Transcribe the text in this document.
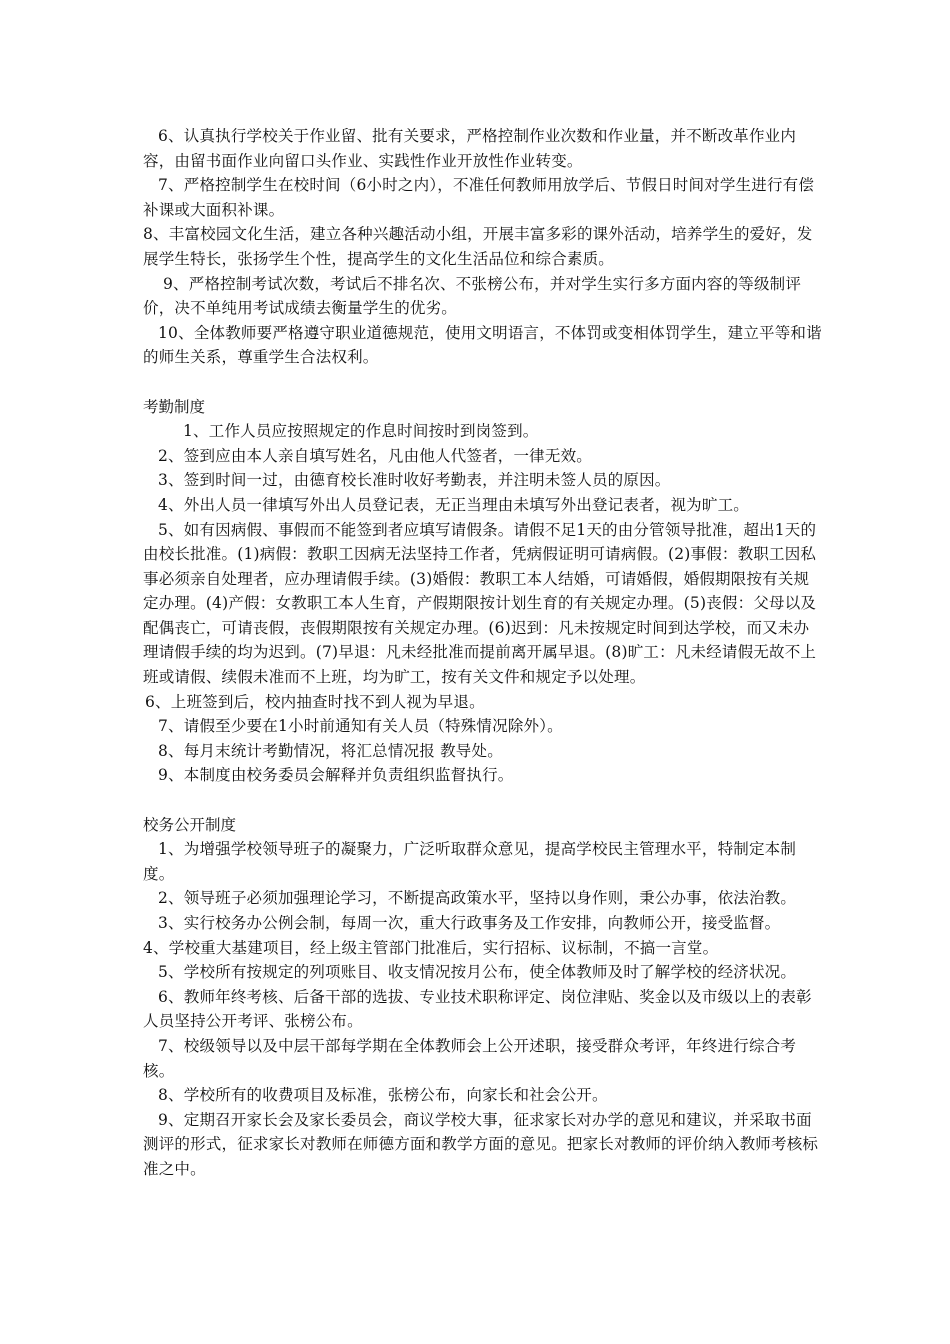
6、认真执行学校关于作业留、批有关要求，严格控制作业次数和作业量，并不断改革作业内容，由留书面作业向留口头作业、实践性作业开放性作业转变。

7、严格控制学生在校时间（6小时之内），不准任何教师用放学后、节假日时间对学生进行有偿补课或大面积补课。

8、丰富校园文化生活，建立各种兴趣活动小组，开展丰富多彩的课外活动，培养学生的爱好，发展学生特长，张扬学生个性，提高学生的文化生活品位和综合素质。

9、严格控制考试次数，考试后不排名次、不张榜公布，并对学生实行多方面内容的等级制评价，决不单纯用考试成绩去衡量学生的优劣。

10、全体教师要严格遵守职业道德规范，使用文明语言，不体罚或变相体罚学生，建立平等和谐的师生关系，尊重学生合法权利。

考勤制度

1、工作人员应按照规定的作息时间按时到岗签到。

2、签到应由本人亲自填写姓名，凡由他人代签者，一律无效。

3、签到时间一过，由德育校长准时收好考勤表，并注明未签人员的原因。

4、外出人员一律填写外出人员登记表，无正当理由未填写外出登记表者，视为旷工。

5、如有因病假、事假而不能签到者应填写请假条。请假不足1天的由分管领导批准，超出1天的由校长批准。(1)病假：教职工因病无法坚持工作者，凭病假证明可请病假。(2)事假：教职工因私事必须亲自处理者，应办理请假手续。(3)婚假：教职工本人结婚，可请婚假，婚假期限按有关规定办理。(4)产假：女教职工本人生育，产假期限按计划生育的有关规定办理。(5)丧假：父母以及配偶丧亡，可请丧假，丧假期限按有关规定办理。(6)迟到：凡未按规定时间到达学校，而又未办理请假手续的均为迟到。(7)早退：凡未经批准而提前离开属早退。(8)旷工：凡未经请假无故不上班或请假、续假未准而不上班，均为旷工，按有关文件和规定予以处理。

6、上班签到后，校内抽查时找不到人视为早退。

7、请假至少要在1小时前通知有关人员（特殊情况除外）。

8、每月末统计考勤情况，将汇总情况报 教导处。

9、本制度由校务委员会解释并负责组织监督执行。

校务公开制度

1、为增强学校领导班子的凝聚力，广泛听取群众意见，提高学校民主管理水平，特制定本制度。

2、领导班子必须加强理论学习，不断提高政策水平，坚持以身作则，秉公办事，依法治教。

3、实行校务办公例会制，每周一次，重大行政事务及工作安排，向教师公开，接受监督。

4、学校重大基建项目，经上级主管部门批准后，实行招标、议标制，不搞一言堂。

5、学校所有按规定的列项账目、收支情况按月公布，使全体教师及时了解学校的经济状况。

6、教师年终考核、后备干部的选拔、专业技术职称评定、岗位津贴、奖金以及市级以上的表彰人员坚持公开考评、张榜公布。

7、校级领导以及中层干部每学期在全体教师会上公开述职，接受群众考评，年终进行综合考核。

8、学校所有的收费项目及标准，张榜公布，向家长和社会公开。

9、定期召开家长会及家长委员会，商议学校大事，征求家长对办学的意见和建议，并采取书面测评的形式，征求家长对教师在师德方面和教学方面的意见。把家长对教师的评价纳入教师考核标准之中。
